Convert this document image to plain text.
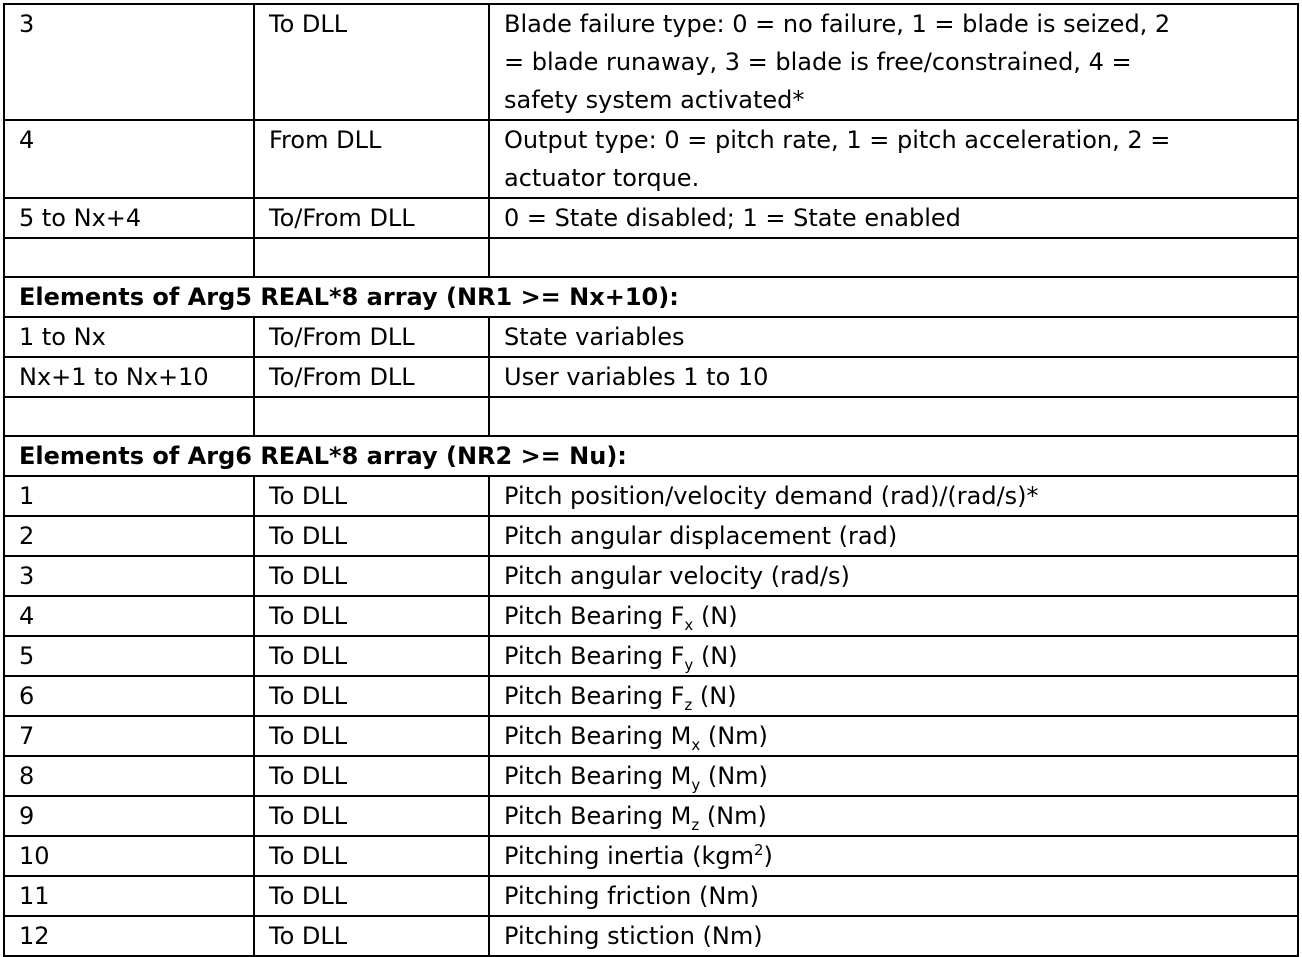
3	To DLL	Blade failure type: 0 = no failure, 1 = blade is seized, 2
= blade runaway, 3 = blade is free/constrained, 4 =
safety system activated*

4	From DLL	Output type: 0 = pitch rate, 1 = pitch acceleration, 2 =
actuator torque.

5 to Nx+4	To/From DLL	0 = State disabled; 1 = State enabled

Elements of Arg5 REAL*8 array (NR1 >= Nx+10):		
1 to Nx	To/From DLL	State variables
Nx+1 to Nx+10	To/From DLL	User variables 1 to 10

Elements of Arg6 REAL*8 array (NR2 >= Nu):		
1	To DLL	Pitch position/velocity demand (rad)/(rad/s)*
2	To DLL	Pitch angular displacement (rad)
3	To DLL	Pitch angular velocity (rad/s)
4	To DLL	Pitch Bearing $F_x$ (N)
5	To DLL	Pitch Bearing $F_y$ (N)
6	To DLL	Pitch Bearing $F_z$ (N)
7	To DLL	Pitch Bearing $M_x$ (Nm)
8	To DLL	Pitch Bearing $M_y$ (Nm)
9	To DLL	Pitch Bearing $M_z$ (Nm)
10	To DLL	Pitching inertia (kgm$^2$)
11	To DLL	Pitching friction (Nm)
12	To DLL	Pitching stiction (Nm)
